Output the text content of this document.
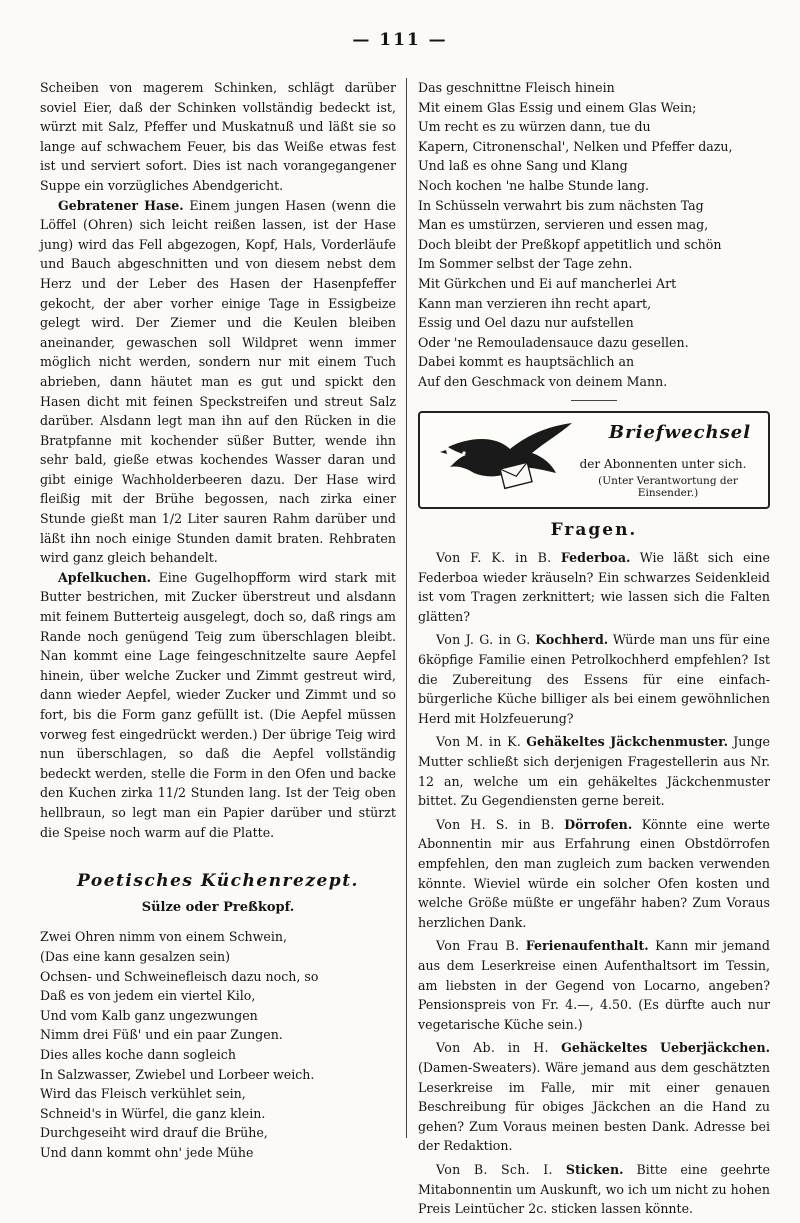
— 111 —

Scheiben von magerem Schinken, schlägt darüber soviel Eier, daß der Schinken vollständig bedeckt ist, würzt mit Salz, Pfeffer und Muskatnuß und läßt sie so lange auf schwachem Feuer, bis das Weiße etwas fest ist und serviert sofort. Dies ist nach vorangegangener Suppe ein vorzügliches Abendgericht.

Gebratener Hase. Einem jungen Hasen (wenn die Löffel (Ohren) sich leicht reißen lassen, ist der Hase jung) wird das Fell abgezogen, Kopf, Hals, Vorderläufe und Bauch abgeschnitten und von diesem nebst dem Herz und der Leber des Hasen der Hasenpfeffer gekocht, der aber vorher einige Tage in Essigbeize gelegt wird. Der Ziemer und die Keulen bleiben aneinander, gewaschen soll Wildpret wenn immer möglich nicht werden, sondern nur mit einem Tuch abrieben, dann häutet man es gut und spickt den Hasen dicht mit feinen Speckstreifen und streut Salz darüber. Alsdann legt man ihn auf den Rücken in die Bratpfanne mit kochender süßer Butter, wende ihn sehr bald, gieße etwas kochendes Wasser daran und gibt einige Wachholderbeeren dazu. Der Hase wird fleißig mit der Brühe begossen, nach zirka einer Stunde gießt man 1/2 Liter sauren Rahm darüber und läßt ihn noch einige Stunden damit braten. Rehbraten wird ganz gleich behandelt.

Apfelkuchen. Eine Gugelhopfform wird stark mit Butter bestrichen, mit Zucker überstreut und alsdann mit feinem Butterteig ausgelegt, doch so, daß rings am Rande noch genügend Teig zum überschlagen bleibt. Nan kommt eine Lage feingeschnitzelte saure Aepfel hinein, über welche Zucker und Zimmt gestreut wird, dann wieder Aepfel, wieder Zucker und Zimmt und so fort, bis die Form ganz gefüllt ist. (Die Aepfel müssen vorweg fest eingedrückt werden.) Der übrige Teig wird nun überschlagen, so daß die Aepfel vollständig bedeckt werden, stelle die Form in den Ofen und backe den Kuchen zirka 11/2 Stunden lang. Ist der Teig oben hellbraun, so legt man ein Papier darüber und stürzt die Speise noch warm auf die Platte.

Poetisches Küchenrezept.
Sülze oder Preßkopf.
Zwei Ohren nimm von einem Schwein,
(Das eine kann gesalzen sein)
Ochsen- und Schweinefleisch dazu noch, so
Daß es von jedem ein viertel Kilo,
Und vom Kalb ganz ungezwungen
Nimm drei Füß' und ein paar Zungen.
Dies alles koche dann sogleich
In Salzwasser, Zwiebel und Lorbeer weich.
Wird das Fleisch verkühlet sein,
Schneid's in Würfel, die ganz klein.
Durchgeseiht wird drauf die Brühe,
Und dann kommt ohn' jede Mühe
Das geschnittne Fleisch hinein
Mit einem Glas Essig und einem Glas Wein;
Um recht es zu würzen dann, tue du
Kapern, Citronenschal', Nelken und Pfeffer dazu,
Und laß es ohne Sang und Klang
Noch kochen 'ne halbe Stunde lang.
In Schüsseln verwahrt bis zum nächsten Tag
Man es umstürzen, servieren und essen mag,
Doch bleibt der Preßkopf appetitlich und schön
Im Sommer selbst der Tage zehn.
Mit Gürkchen und Ei auf mancherlei Art
Kann man verzieren ihn recht apart,
Essig und Oel dazu nur aufstellen
Oder 'ne Remouladensauce dazu gesellen.
Dabei kommt es hauptsächlich an
Auf den Geschmack von deinem Mann.
Briefwechsel
der Abonnenten unter sich.
(Unter Verantwortung der Einsender.)
Fragen.

Von F. K. in B. Federboa. Wie läßt sich eine Federboa wieder kräuseln? Ein schwarzes Seidenkleid ist vom Tragen zerknittert; wie lassen sich die Falten glätten?

Von J. G. in G. Kochherd. Würde man uns für eine 6köpfige Familie einen Petrolkochherd empfehlen? Ist die Zubereitung des Essens für eine einfach-bürgerliche Küche billiger als bei einem gewöhnlichen Herd mit Holzfeuerung?

Von M. in K. Gehäkeltes Jäckchenmuster. Junge Mutter schließt sich derjenigen Fragestellerin aus Nr. 12 an, welche um ein gehäkeltes Jäckchenmuster bittet. Zu Gegendiensten gerne bereit.

Von H. S. in B. Dörrofen. Könnte eine werte Abonnentin mir aus Erfahrung einen Obstdörrofen empfehlen, den man zugleich zum backen verwenden könnte. Wieviel würde ein solcher Ofen kosten und welche Größe müßte er ungefähr haben? Zum Voraus herzlichen Dank.

Von Frau B. Ferienaufenthalt. Kann mir jemand aus dem Leserkreise einen Aufenthaltsort im Tessin, am liebsten in der Gegend von Locarno, angeben? Pensionspreis von Fr. 4.—, 4.50. (Es dürfte auch nur vegetarische Küche sein.)

Von Ab. in H. Gehäckeltes Ueberjäckchen. (Damen-Sweaters). Wäre jemand aus dem geschätzten Leserkreise im Falle, mir mit einer genauen Beschreibung für obiges Jäckchen an die Hand zu gehen? Zum Voraus meinen besten Dank. Adresse bei der Redaktion.

Von B. Sch. I. Sticken. Bitte eine geehrte Mitabonnentin um Auskunft, wo ich um nicht zu hohen Preis Leintücher 2c. sticken lassen könnte.
